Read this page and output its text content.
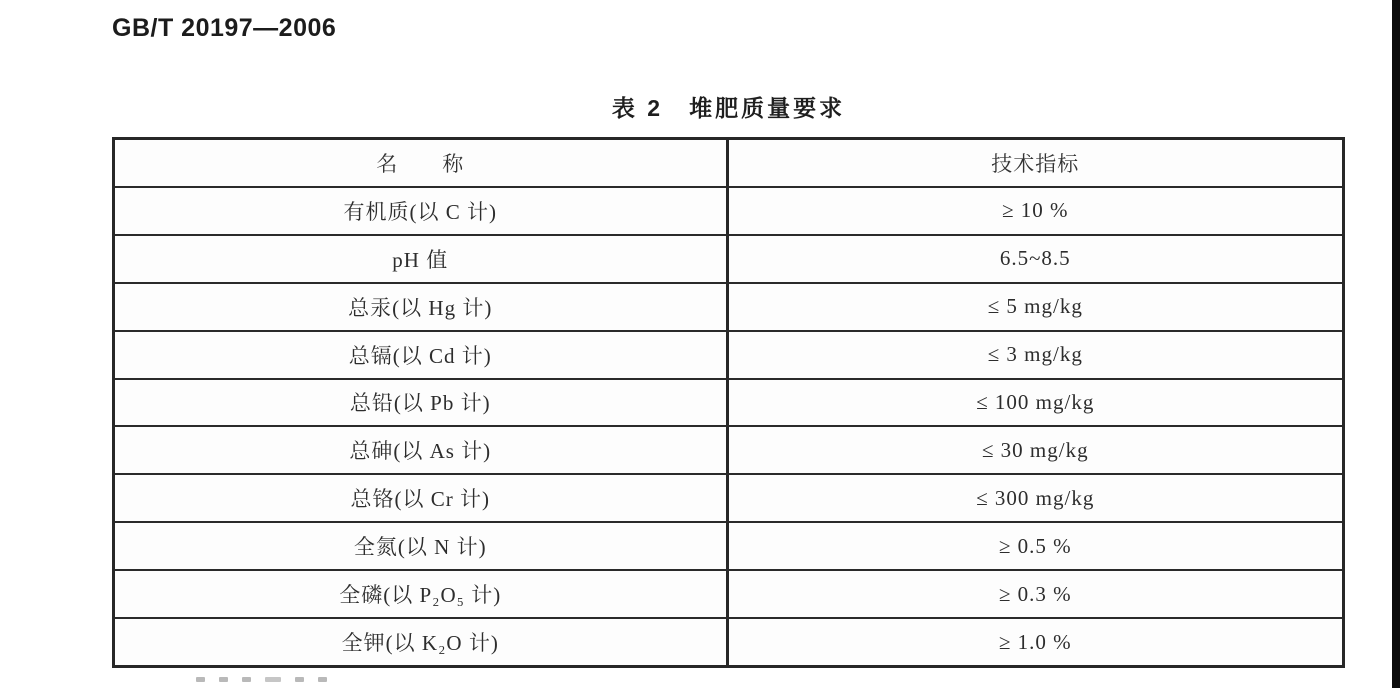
GB/T 20197—2006
表 2　堆肥质量要求
名　　称	技术指标
有机质(以 C 计)	≥ 10 %
pH 值	6.5~8.5
总汞(以 Hg 计)	≤ 5 mg/kg
总镉(以 Cd 计)	≤ 3 mg/kg
总铅(以 Pb 计)	≤ 100 mg/kg
总砷(以 As 计)	≤ 30 mg/kg
总铬(以 Cr 计)	≤ 300 mg/kg
全氮(以 N 计)	≥ 0.5 %
全磷(以 P₂O₅ 计)	≥ 0.3 %
全钾(以 K₂O 计)	≥ 1.0 %
